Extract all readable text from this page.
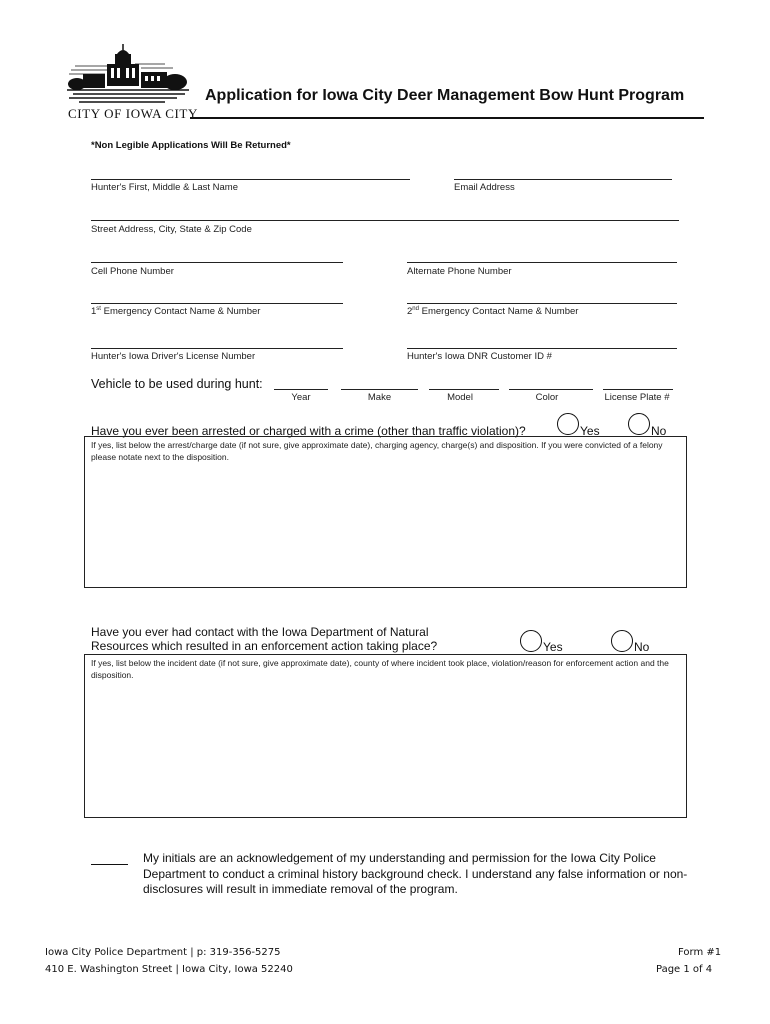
CITY OF IOWA CITY
Application for Iowa City Deer Management Bow Hunt Program
*Non Legible Applications Will Be Returned*
Hunter's First, Middle & Last Name	Email Address
Street Address, City, State & Zip Code
Cell Phone Number	Alternate Phone Number
1st Emergency Contact Name & Number	2nd Emergency Contact Name & Number
Hunter's Iowa Driver's License Number	Hunter's Iowa DNR Customer ID #
Vehicle to be used during hunt:
Year	Make	Model	Color	License Plate #
Have you ever been arrested or charged with a crime (other than traffic violation)?	Yes	No
If yes, list below the arrest/charge date (if not sure, give approximate date), charging agency, charge(s) and disposition. If you were convicted of a felony please notate next to the disposition.
Have you ever had contact with the Iowa Department of Natural
Resources which resulted in an enforcement action taking place?	Yes	No
If yes, list below the incident date (if not sure, give approximate date), county of where incident took place, violation/reason for enforcement action and the disposition.
My initials are an acknowledgement of my understanding and permission for the Iowa City Police Department to conduct a criminal history background check. I understand any false information or non-disclosures will result in immediate removal of the program.
Iowa City Police Department | p: 319-356-5275
410 E. Washington Street | Iowa City, Iowa 52240
Form #1
Page 1 of 4
